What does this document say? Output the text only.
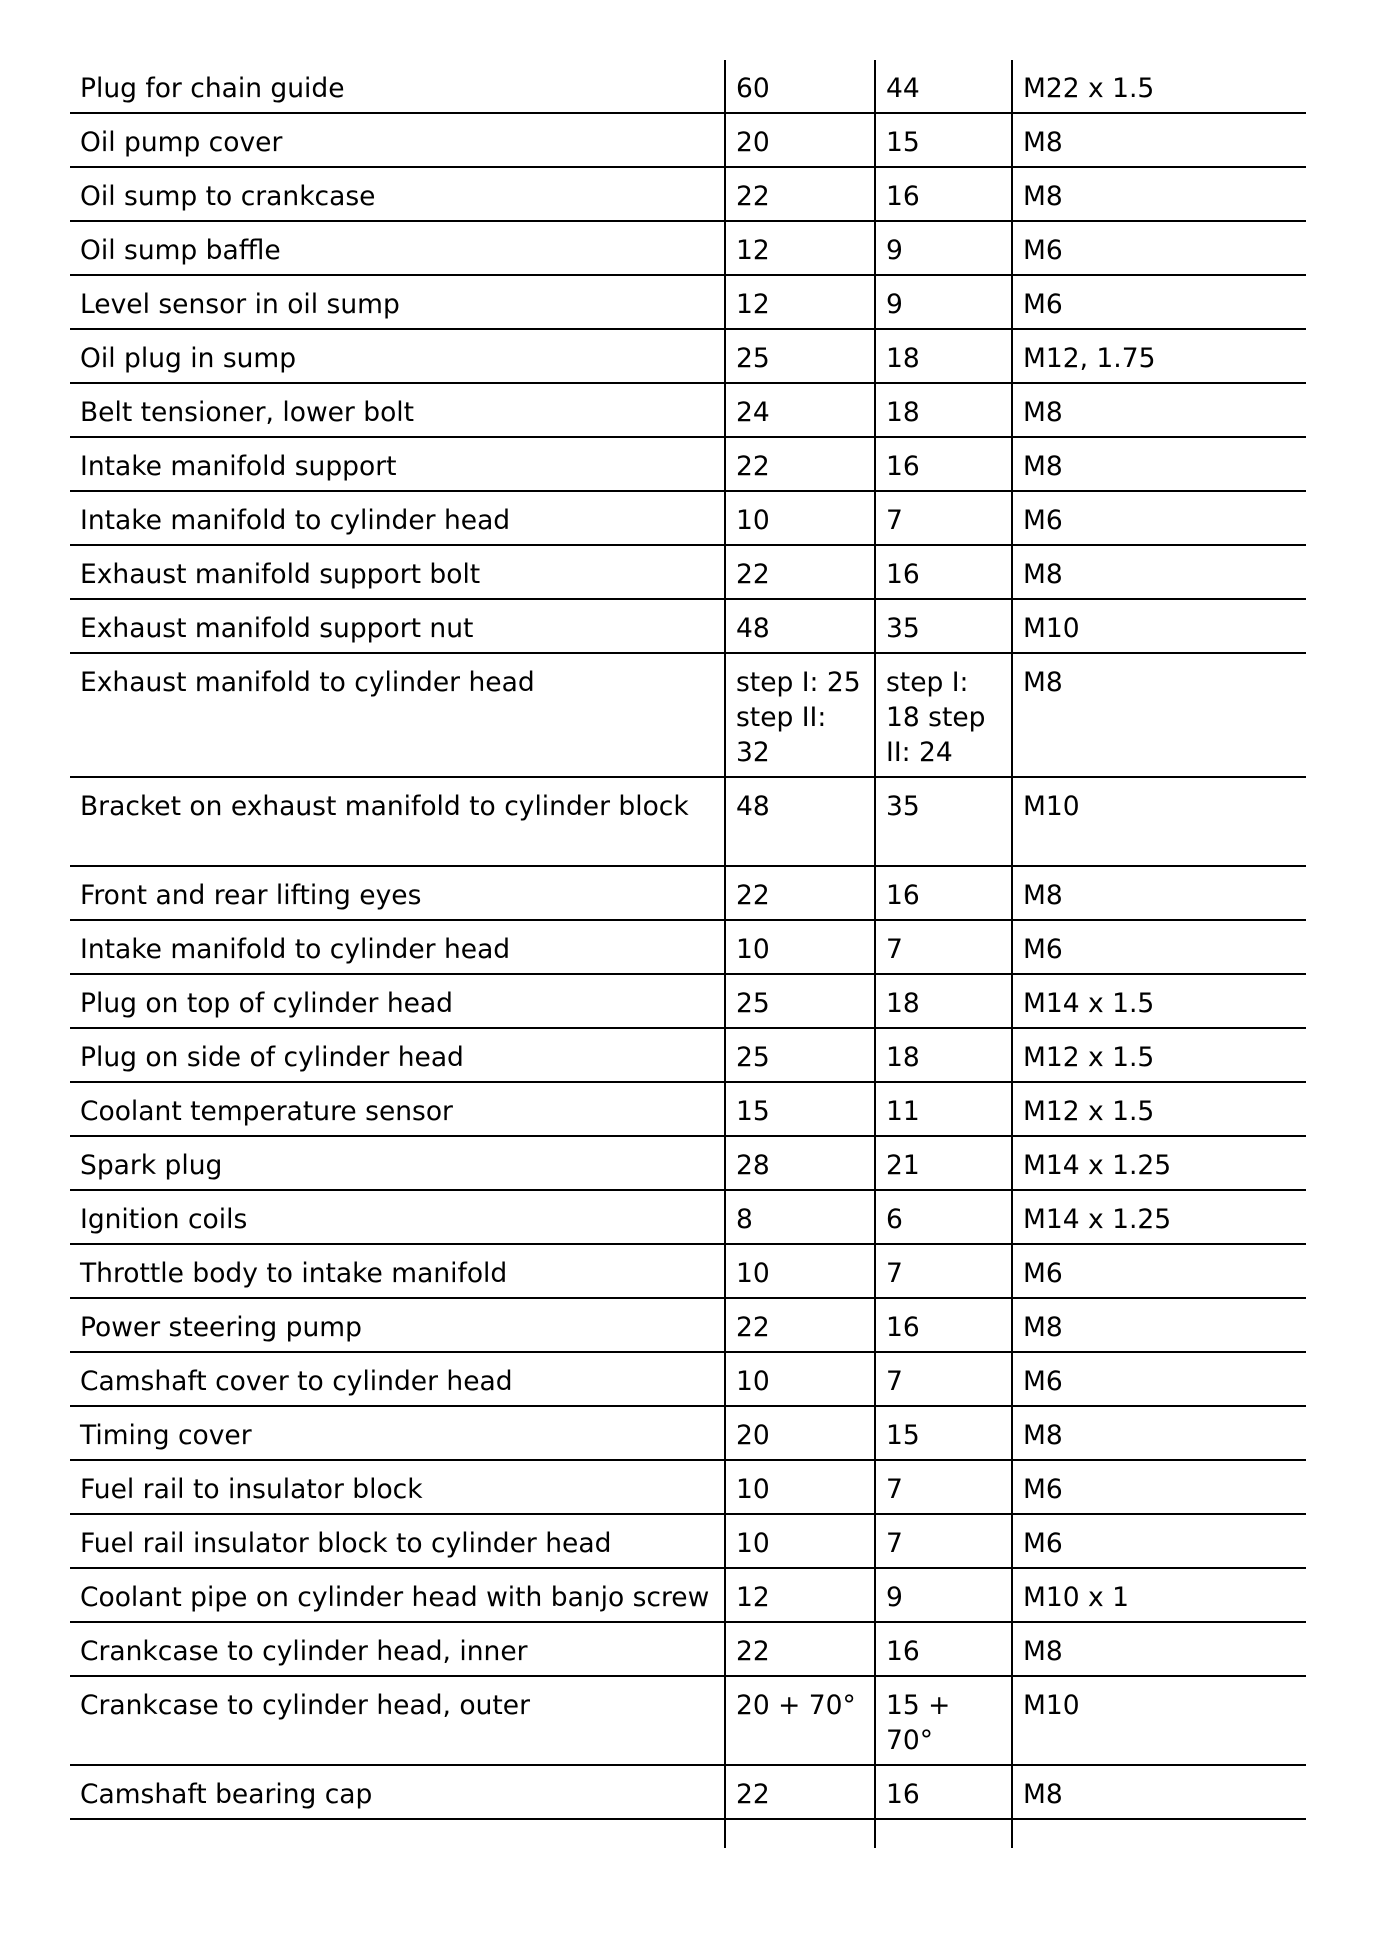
Plug for chain guide	60	44	M22 x 1.5
Oil pump cover	20	15	M8
Oil sump to crankcase	22	16	M8
Oil sump baffle	12	9	M6
Level sensor in oil sump	12	9	M6
Oil plug in sump	25	18	M12, 1.75
Belt tensioner, lower bolt	24	18	M8
Intake manifold support	22	16	M8
Intake manifold to cylinder head	10	7	M6
Exhaust manifold support bolt	22	16	M8
Exhaust manifold support nut	48	35	M10
Exhaust manifold to cylinder head	step I: 25 step II: 32	step I: 18 step II: 24	M8
Bracket on exhaust manifold to cylinder block	48	35	M10
Front and rear lifting eyes	22	16	M8
Intake manifold to cylinder head	10	7	M6
Plug on top of cylinder head	25	18	M14 x 1.5
Plug on side of cylinder head	25	18	M12 x 1.5
Coolant temperature sensor	15	11	M12 x 1.5
Spark plug	28	21	M14 x 1.25
Ignition coils	8	6	M14 x 1.25
Throttle body to intake manifold	10	7	M6
Power steering pump	22	16	M8
Camshaft cover to cylinder head	10	7	M6
Timing cover	20	15	M8
Fuel rail to insulator block	10	7	M6
Fuel rail insulator block to cylinder head	10	7	M6
Coolant pipe on cylinder head with banjo screw	12	9	M10 x 1
Crankcase to cylinder head, inner	22	16	M8
Crankcase to cylinder head, outer	20 + 70°	15 + 70°	M10
Camshaft bearing cap	22	16	M8
